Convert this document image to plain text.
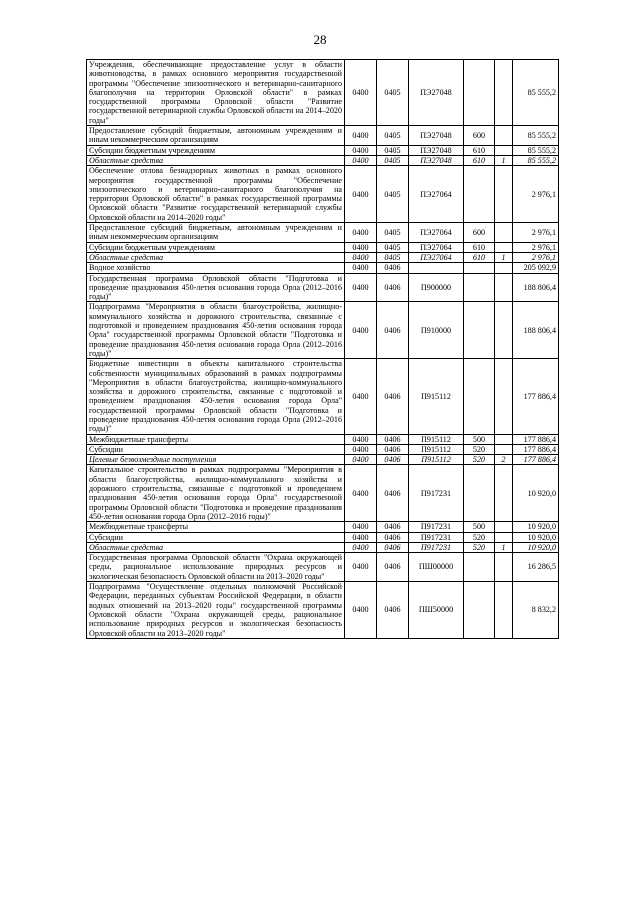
28
Учреждения, обеспечивающие предоставление услуг в области животноводства, в рамках основного мероприятия государственной программы "Обеспечение эпизоотического и ветеринарно-санитарного благополучия на территории Орловской области" в рамках государственной программы Орловской области "Развитие государственной ветеринарной службы Орловской области на 2014–2020 годы"	0400	0405	ПЭ27048			85 555,2
Предоставление субсидий бюджетным, автономным учреждениям и иным некоммерческим организациям	0400	0405	ПЭ27048	600		85 555,2
Субсидии бюджетным учреждениям	0400	0405	ПЭ27048	610		85 555,2
Областные средства	0400	0405	ПЭ27048	610	1	85 555,2
Обеспечение отлова безнадзорных животных в рамках основного мероприятия государственной программы "Обеспечение эпизоотического и ветеринарно-санитарного благополучия на территории Орловской области" в рамках государственной программы Орловской области "Развитие государственной ветеринарной службы Орловской области на 2014–2020 годы"	0400	0405	ПЭ27064			2 976,1
Предоставление субсидий бюджетным, автономным учреждениям и иным некоммерческим организациям	0400	0405	ПЭ27064	600		2 976,1
Субсидии бюджетным учреждениям	0400	0405	ПЭ27064	610		2 976,1
Областные средства	0400	0405	ПЭ27064	610	1	2 976,1
Водное хозяйство	0400	0406				205 092,9
Государственная программа Орловской области "Подготовка и проведение празднования 450-летия основания города Орла (2012–2016 годы)"	0400	0406	П900000			188 806,4
Подпрограмма "Мероприятия в области благоустройства, жилищно-коммунального хозяйства и дорожного строительства, связанные с подготовкой и проведением празднования 450-летия основания города Орла" государственной программы Орловской области "Подготовка и проведение празднования 450-летия основания города Орла (2012–2016 годы)"	0400	0406	П910000			188 806,4
Бюджетные инвестиции в объекты капитального строительства собственности муниципальных образований в рамках подпрограммы "Мероприятия в области благоустройства, жилищно-коммунального хозяйства и дорожного строительства, связанные с подготовкой и проведением празднования 450-летия основания города Орла" государственной программы Орловской области "Подготовка и проведение празднования 450-летия основания города Орла (2012–2016 годы)"	0400	0406	П915112			177 886,4
Межбюджетные трансферты	0400	0406	П915112	500		177 886,4
Субсидии	0400	0406	П915112	520		177 886,4
Целевые безвозмездные поступления	0400	0406	П915112	520	2	177 886,4
Капитальное строительство в рамках подпрограммы "Мероприятия в области благоустройства, жилищно-коммунального хозяйства и дорожного строительства, связанные с подготовкой и проведением празднования 450-летия основания города Орла" государственной программы Орловской области "Подготовка и проведение празднования 450-летия основания города Орла (2012–2016 годы)"	0400	0406	П917231			10 920,0
Межбюджетные трансферты	0400	0406	П917231	500		10 920,0
Субсидии	0400	0406	П917231	520		10 920,0
Областные средства	0400	0406	П917231	520	1	10 920,0
Государственная программа Орловской области "Охрана окружающей среды, рациональное использование природных ресурсов и экологическая безопасность Орловской области на 2013–2020 годы"	0400	0406	ПШ00000			16 286,5
Подпрограмма "Осуществление отдельных полномочий Российской Федерации, переданных субъектам Российской Федерации, в области водных отношений на 2013–2020 годы" государственной программы Орловской области "Охрана окружающей среды, рациональное использование природных ресурсов и экологическая безопасность Орловской области на 2013–2020 годы"	0400	0406	ПШ50000			8 832,2
